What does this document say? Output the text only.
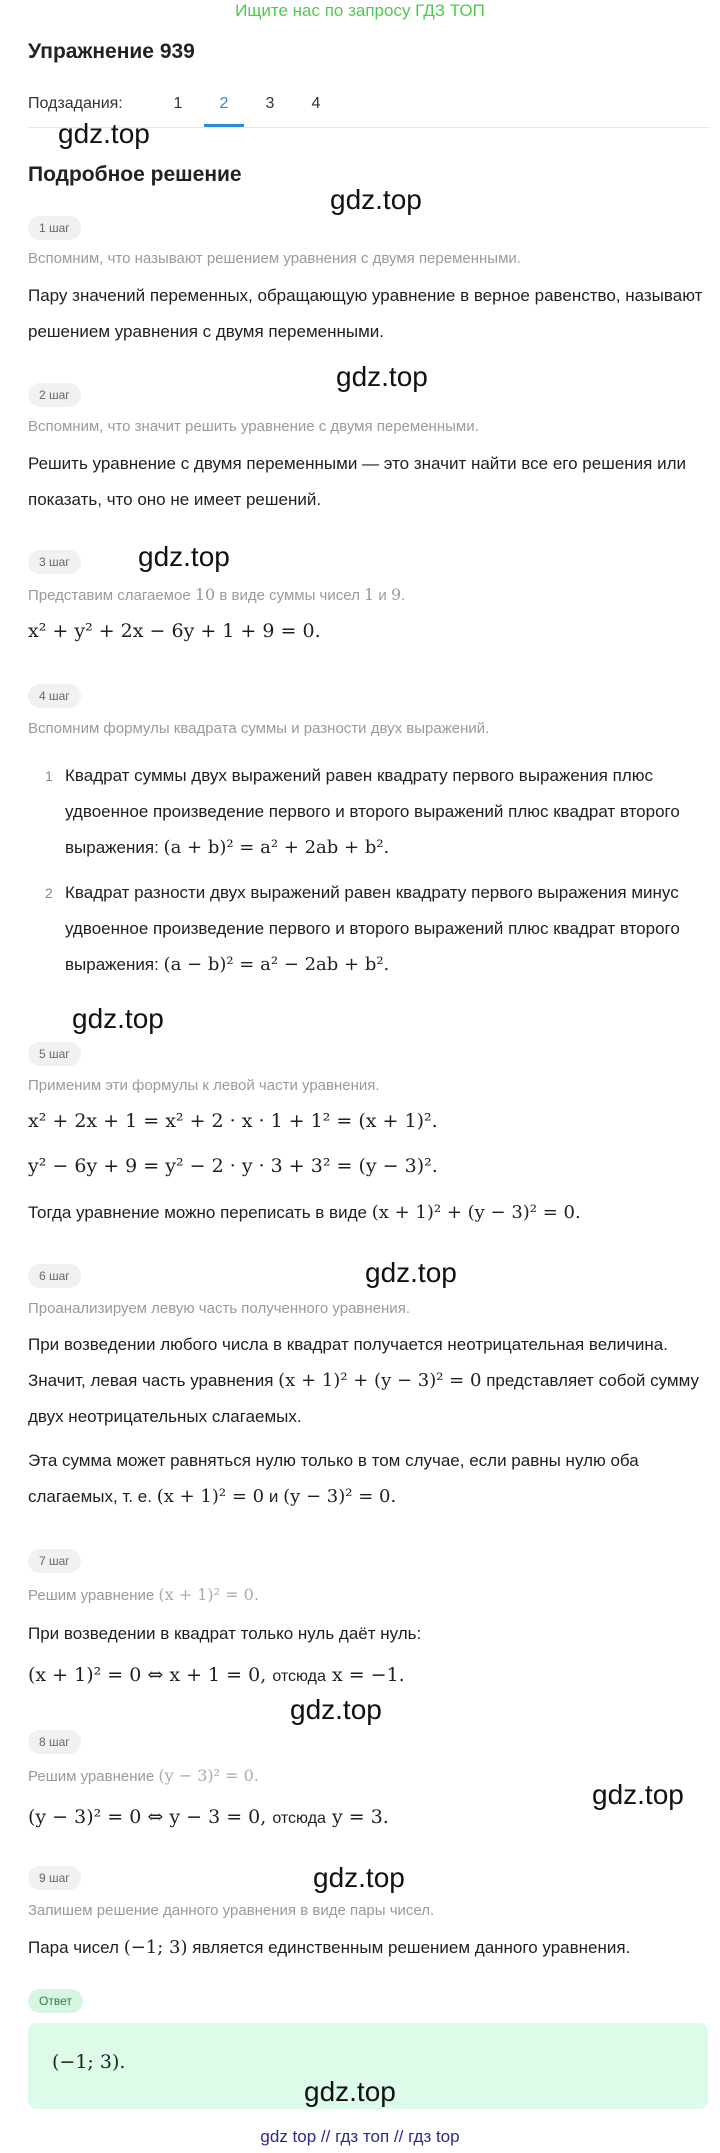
Ищите нас по запросу ГДЗ ТОП
Упражнение 939
Подзадания:	1	2	3	4
Подробное решение
1 шаг
Вспомним, что называют решением уравнения с двумя переменными.
Пару значений переменных, обращающую уравнение в верное равенство, называют решением уравнения с двумя переменными.
2 шаг
Вспомним, что значит решить уравнение с двумя переменными.
Решить уравнение с двумя переменными — это значит найти все его решения или показать, что оно не имеет решений.
3 шаг
Представим слагаемое 10 в виде суммы чисел 1 и 9.
x² + y² + 2x − 6y + 1 + 9 = 0.
4 шаг
Вспомним формулы квадрата суммы и разности двух выражений.
1 Квадрат суммы двух выражений равен квадрату первого выражения плюс удвоенное произведение первого и второго выражений плюс квадрат второго выражения: (a + b)² = a² + 2ab + b².
2 Квадрат разности двух выражений равен квадрату первого выражения минус удвоенное произведение первого и второго выражений плюс квадрат второго выражения: (a − b)² = a² − 2ab + b².
5 шаг
Применим эти формулы к левой части уравнения.
x² + 2x + 1 = x² + 2 · x · 1 + 1² = (x + 1)².
y² − 6y + 9 = y² − 2 · y · 3 + 3² = (y − 3)².
Тогда уравнение можно переписать в виде (x + 1)² + (y − 3)² = 0.
6 шаг
Проанализируем левую часть полученного уравнения.
При возведении любого числа в квадрат получается неотрицательная величина. Значит, левая часть уравнения (x + 1)² + (y − 3)² = 0 представляет собой сумму двух неотрицательных слагаемых.
Эта сумма может равняться нулю только в том случае, если равны нулю оба слагаемых, т. е. (x + 1)² = 0 и (y − 3)² = 0.
7 шаг
Решим уравнение (x + 1)² = 0.
При возведении в квадрат только нуль даёт нуль:
(x + 1)² = 0 ⇔ x + 1 = 0, отсюда x = −1.
8 шаг
Решим уравнение (y − 3)² = 0.
(y − 3)² = 0 ⇔ y − 3 = 0, отсюда y = 3.
9 шаг
Запишем решение данного уравнения в виде пары чисел.
Пара чисел (−1; 3) является единственным решением данного уравнения.
Ответ
(−1; 3).
gdz.top
gdz.top
gdz.top
gdz.top
gdz.top
gdz.top
gdz.top
gdz.top
gdz.top
gdz.top
gdz top // гдз топ // гдз top
